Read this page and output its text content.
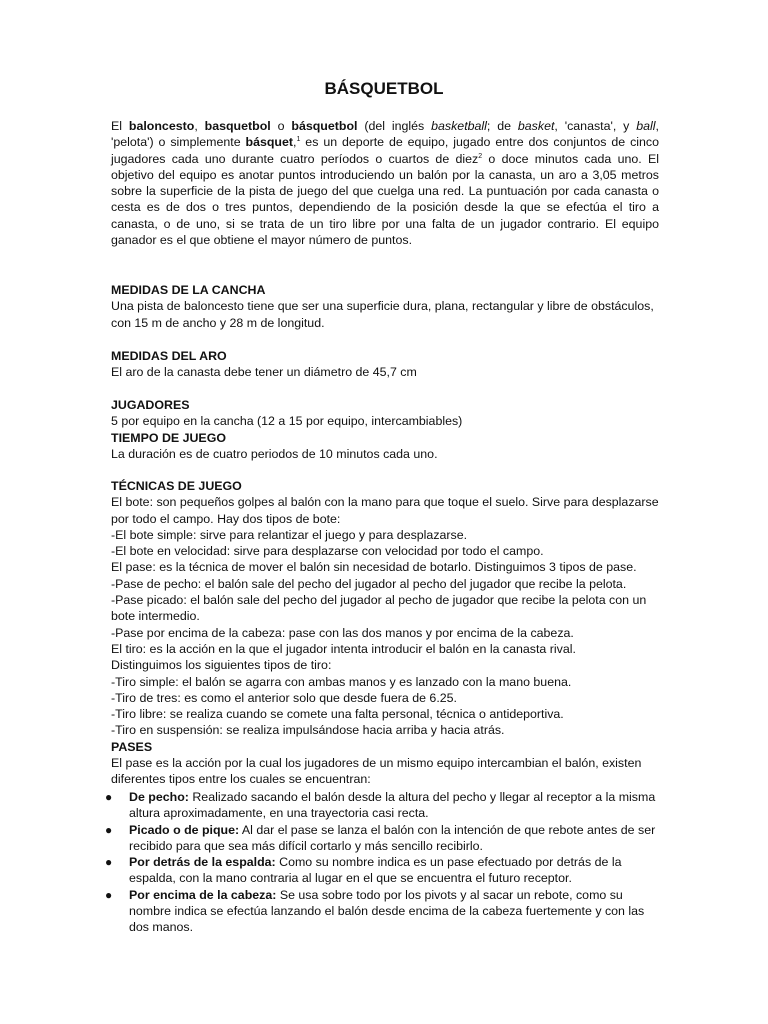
BÁSQUETBOL

El baloncesto, basquetbol o básquetbol (del inglés basketball; de basket, 'canasta', y ball, 'pelota') o simplemente básquet,$^1$ es un deporte de equipo, jugado entre dos conjuntos de cinco jugadores cada uno durante cuatro períodos o cuartos de diez$^2$ o doce minutos cada uno. El objetivo del equipo es anotar puntos introduciendo un balón por la canasta, un aro a 3,05 metros sobre la superficie de la pista de juego del que cuelga una red. La puntuación por cada canasta o cesta es de dos o tres puntos, dependiendo de la posición desde la que se efectúa el tiro a canasta, o de uno, si se trata de un tiro libre por una falta de un jugador contrario. El equipo ganador es el que obtiene el mayor número de puntos.

MEDIDAS DE LA CANCHA
Una pista de baloncesto tiene que ser una superficie dura, plana, rectangular y libre de obstáculos, con 15 m de ancho y 28 m de longitud.
MEDIDAS DEL ARO
El aro de la canasta debe tener un diámetro de 45,7 cm
JUGADORES
5 por equipo en la cancha (12 a 15 por equipo, intercambiables)
TIEMPO DE JUEGO
La duración es de cuatro periodos de 10 minutos cada uno.
TÉCNICAS DE JUEGO
El bote: son pequeños golpes al balón con la mano para que toque el suelo. Sirve para desplazarse por todo el campo. Hay dos tipos de bote:
-El bote simple: sirve para relantizar el juego y para desplazarse.
-El bote en velocidad: sirve para desplazarse con velocidad por todo el campo.
El pase: es la técnica de mover el balón sin necesidad de botarlo. Distinguimos 3 tipos de pase.
-Pase de pecho: el balón sale del pecho del jugador al pecho del jugador que recibe la pelota.
-Pase picado: el balón sale del pecho del jugador al pecho de jugador que recibe la pelota con un bote intermedio.
-Pase por encima de la cabeza: pase con las dos manos y por encima de la cabeza.
El tiro: es la acción en la que el jugador intenta introducir el balón en la canasta rival.
Distinguimos los siguientes tipos de tiro:
-Tiro simple: el balón se agarra con ambas manos y es lanzado con la mano buena.
-Tiro de tres: es como el anterior solo que desde fuera de 6.25.
-Tiro libre: se realiza cuando se comete una falta personal, técnica o antideportiva.
-Tiro en suspensión: se realiza impulsándose hacia arriba y hacia atrás.
PASES
El pase es la acción por la cual los jugadores de un mismo equipo intercambian el balón, existen diferentes tipos entre los cuales se encuentran:
● De pecho: Realizado sacando el balón desde la altura del pecho y llegar al receptor a la misma altura aproximadamente, en una trayectoria casi recta.
● Picado o de pique: Al dar el pase se lanza el balón con la intención de que rebote antes de ser recibido para que sea más difícil cortarlo y más sencillo recibirlo.
● Por detrás de la espalda: Como su nombre indica es un pase efectuado por detrás de la espalda, con la mano contraria al lugar en el que se encuentra el futuro receptor.
● Por encima de la cabeza: Se usa sobre todo por los pivots y al sacar un rebote, como su nombre indica se efectúa lanzando el balón desde encima de la cabeza fuertemente y con las dos manos.
